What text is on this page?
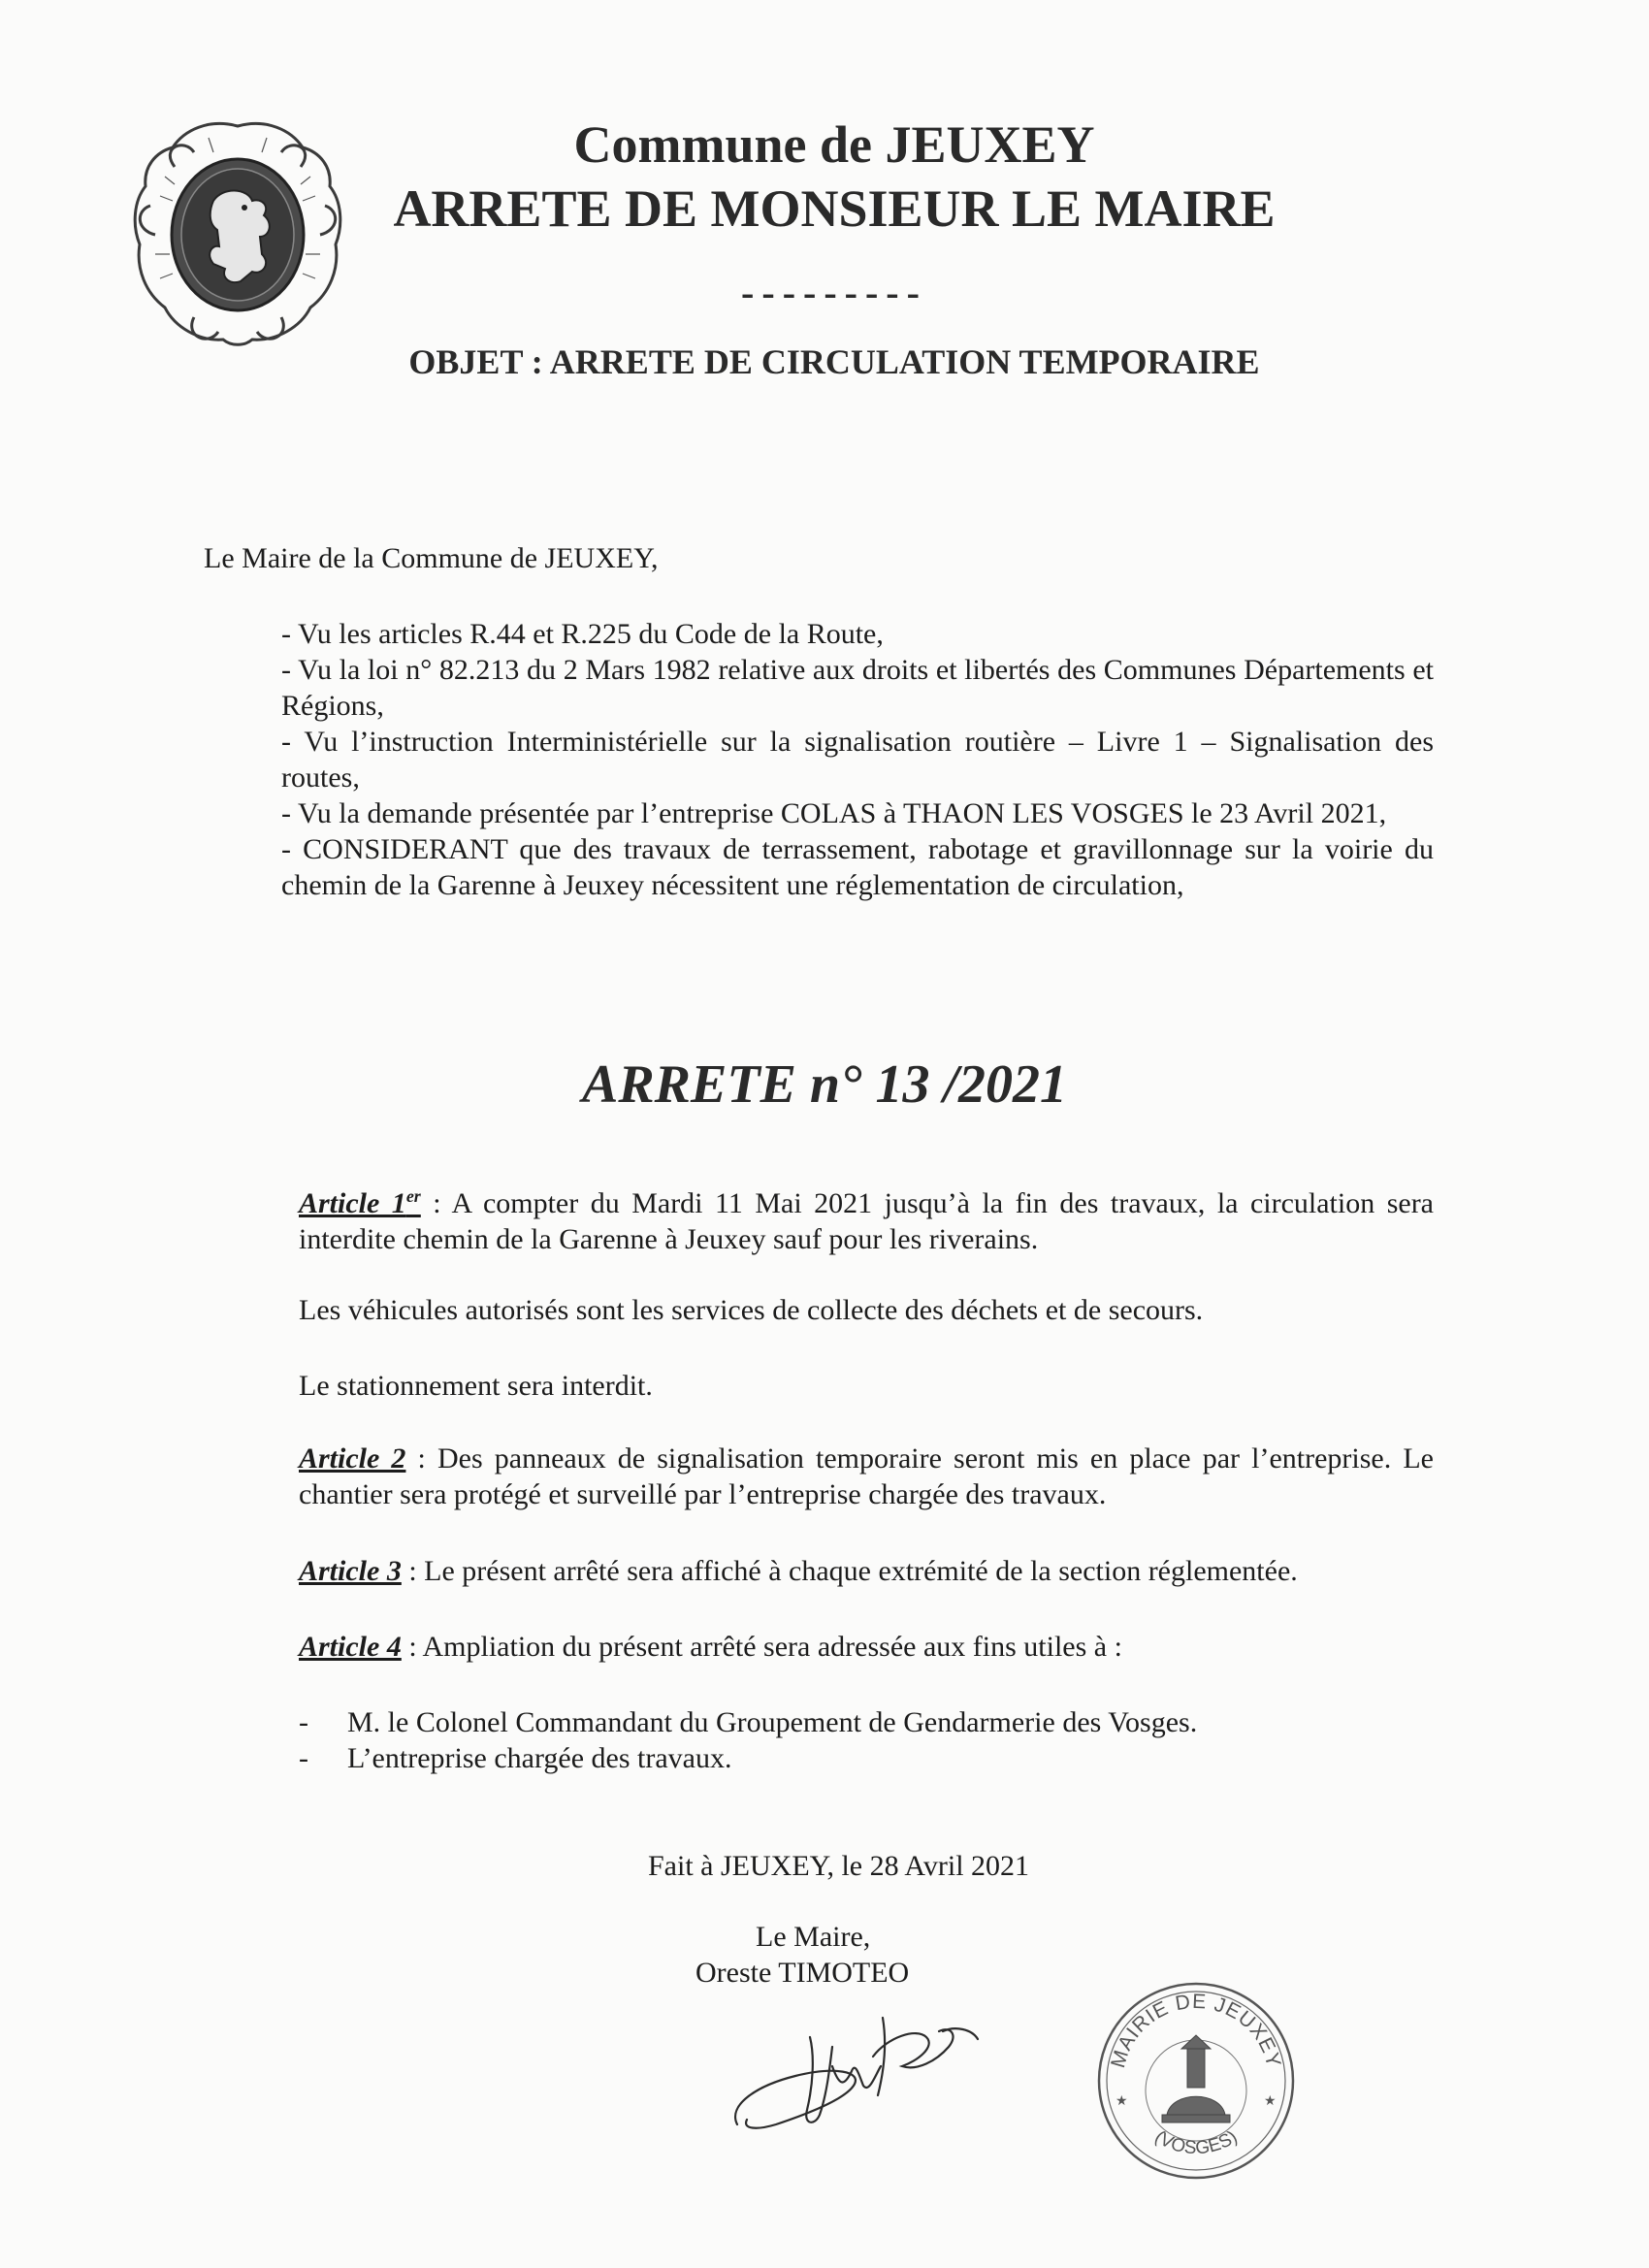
Commune de JEUXEY
ARRETE DE MONSIEUR LE MAIRE
---------
OBJET : ARRETE DE CIRCULATION TEMPORAIRE

Le Maire de la Commune de JEUXEY,

- Vu les articles R.44 et R.225 du Code de la Route,
- Vu la loi n° 82.213 du 2 Mars 1982 relative aux droits et libertés des Communes Départements et Régions,
- Vu l’instruction Interministérielle sur la signalisation routière – Livre 1 – Signalisation des routes,
- Vu la demande présentée par l’entreprise COLAS à THAON LES VOSGES le 23 Avril 2021,
- CONSIDERANT que des travaux de terrassement, rabotage et gravillonnage sur la voirie du chemin de la Garenne à Jeuxey nécessitent une réglementation de circulation,
ARRETE n° 13 /2021

Article 1er : A compter du Mardi 11 Mai 2021 jusqu’à la fin des travaux, la circulation sera interdite chemin de la Garenne à Jeuxey sauf pour les riverains.

Les véhicules autorisés sont les services de collecte des déchets et de secours.

Le stationnement sera interdit.

Article 2 : Des panneaux de signalisation temporaire seront mis en place par l’entreprise. Le chantier sera protégé et surveillé par l’entreprise chargée des travaux.

Article 3 : Le présent arrêté sera affiché à chaque extrémité de la section réglementée.

Article 4 : Ampliation du présent arrêté sera adressée aux fins utiles à :

- M. le Colonel Commandant du Groupement de Gendarmerie des Vosges.
- L’entreprise chargée des travaux.
Fait à JEUXEY, le 28 Avril 2021
Le Maire,
Oreste TIMOTEO
MAIRIE DE JEUXEY
(VOSGES)
★	★
